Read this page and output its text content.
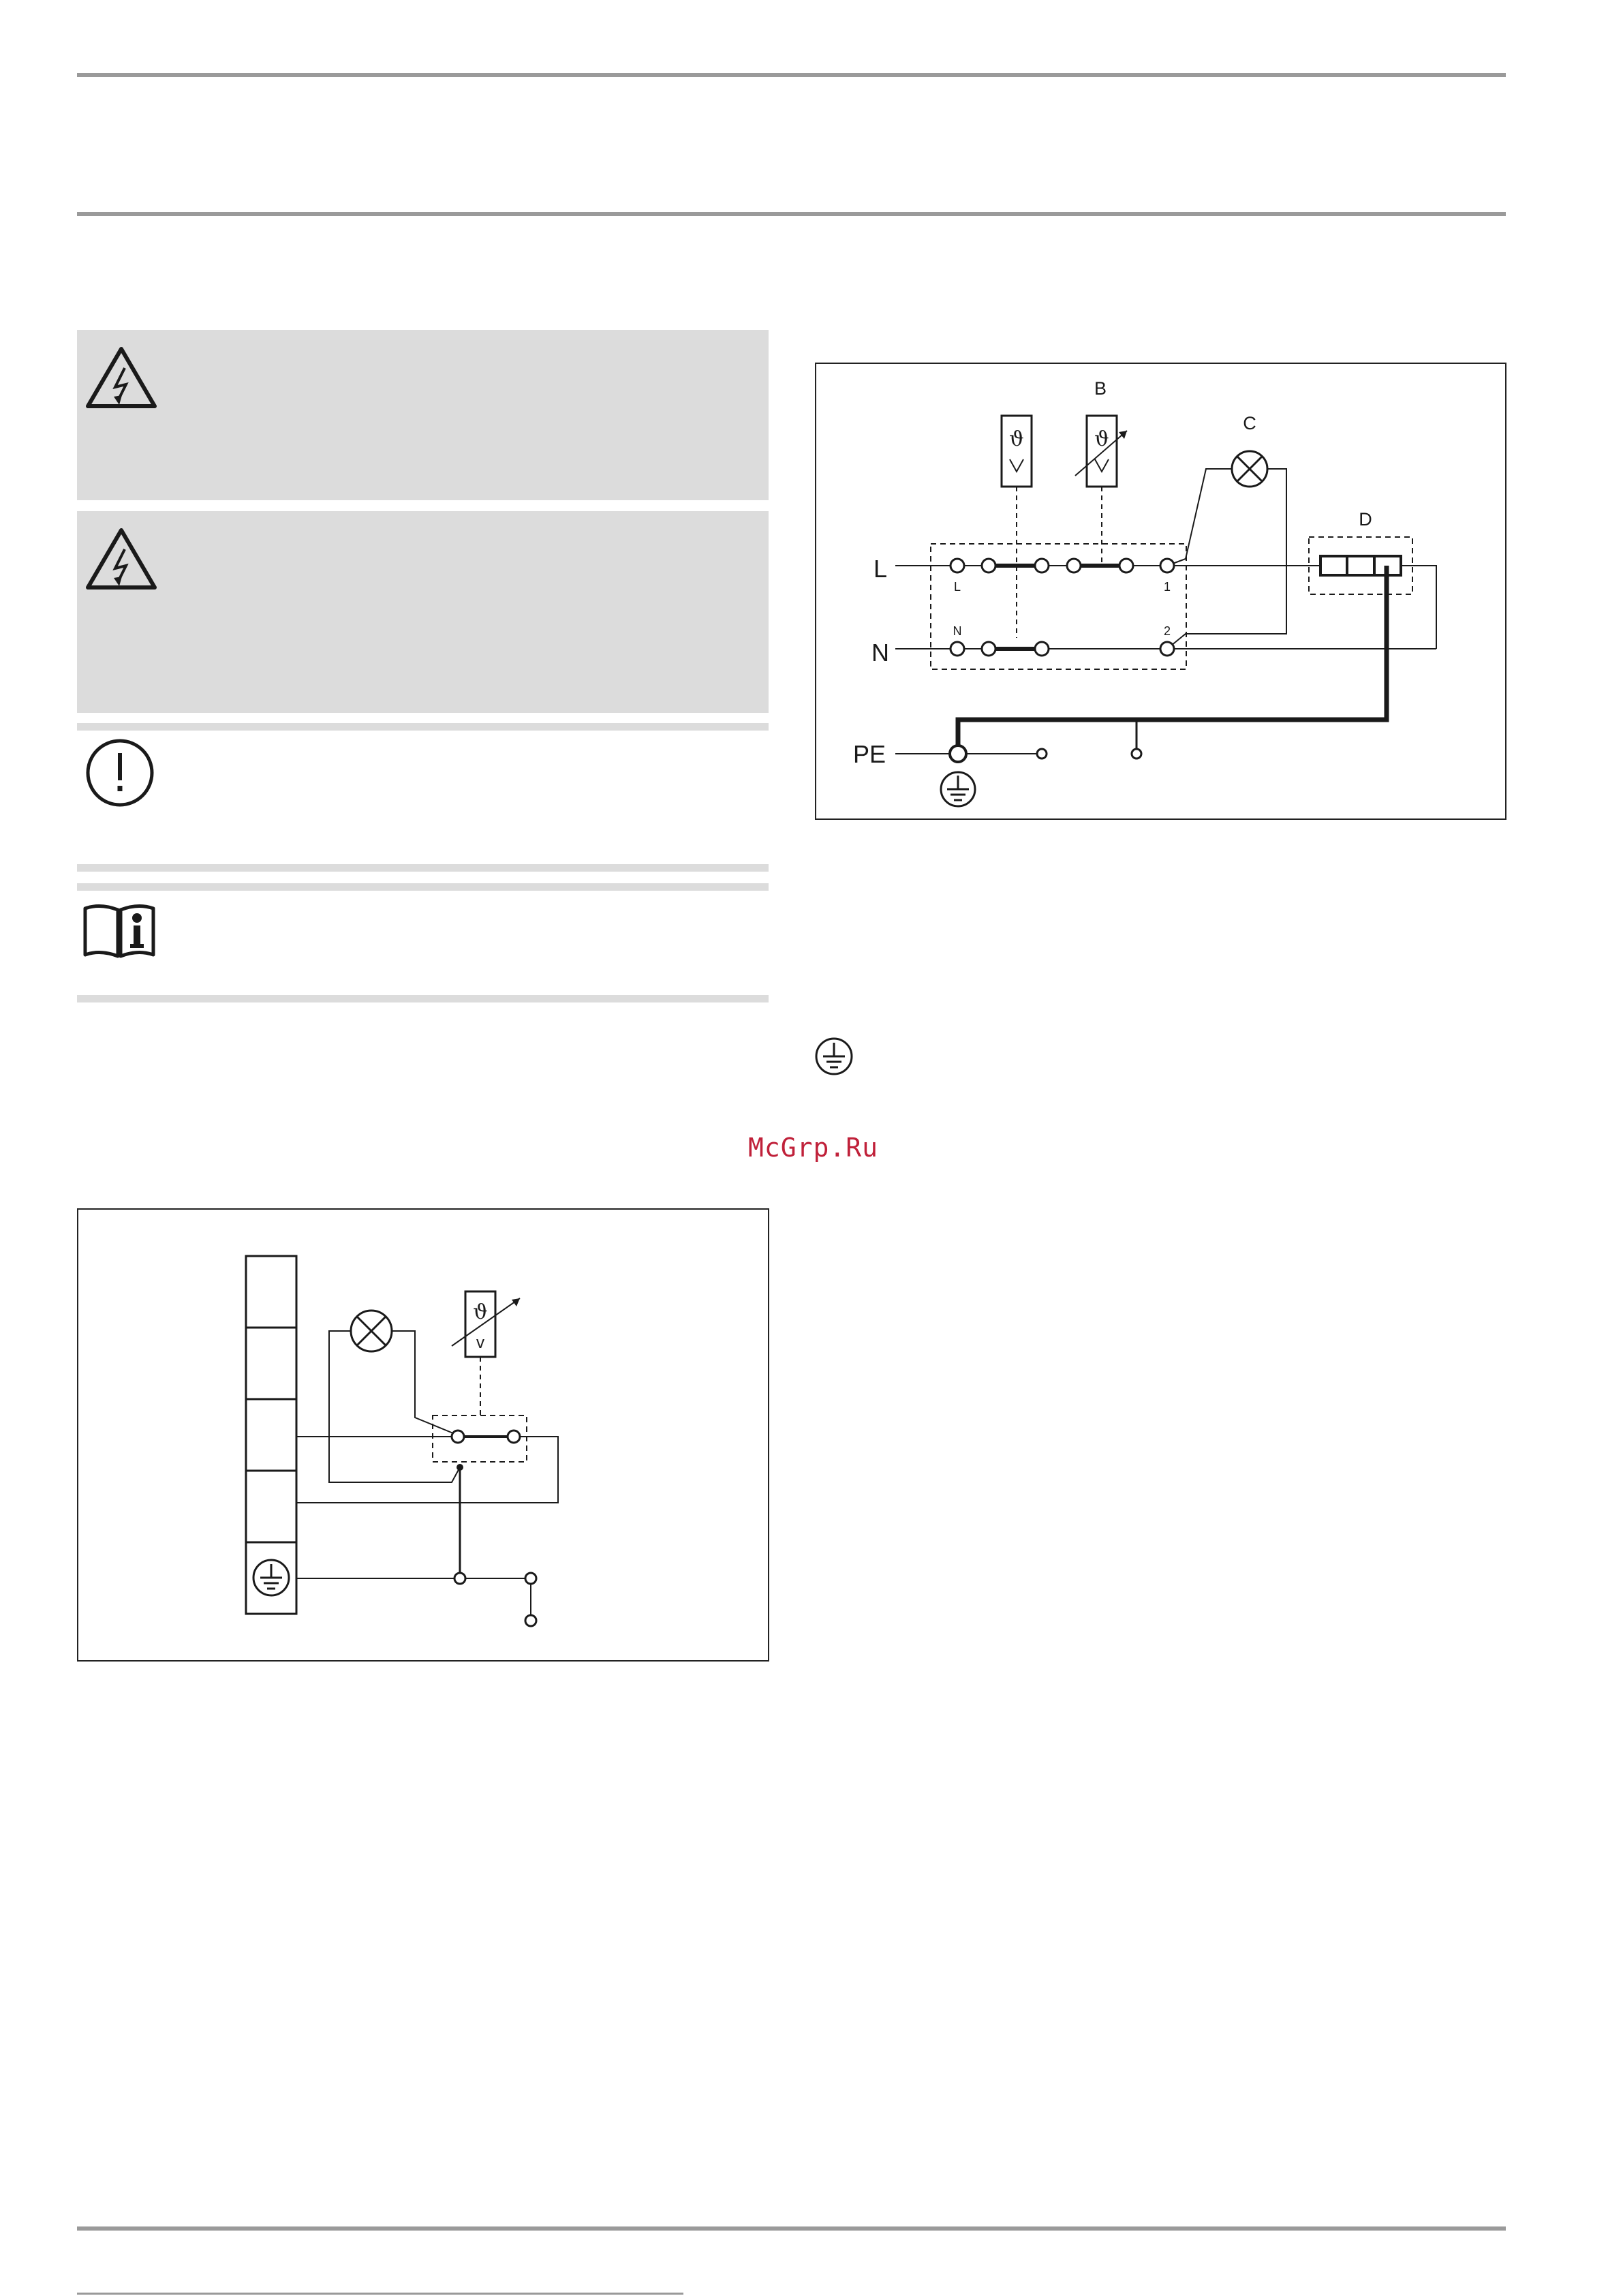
B
C
D
L
N
PE
L
N
1
2
ϑ	ϑ
McGrp.Ru
ϑ
v
